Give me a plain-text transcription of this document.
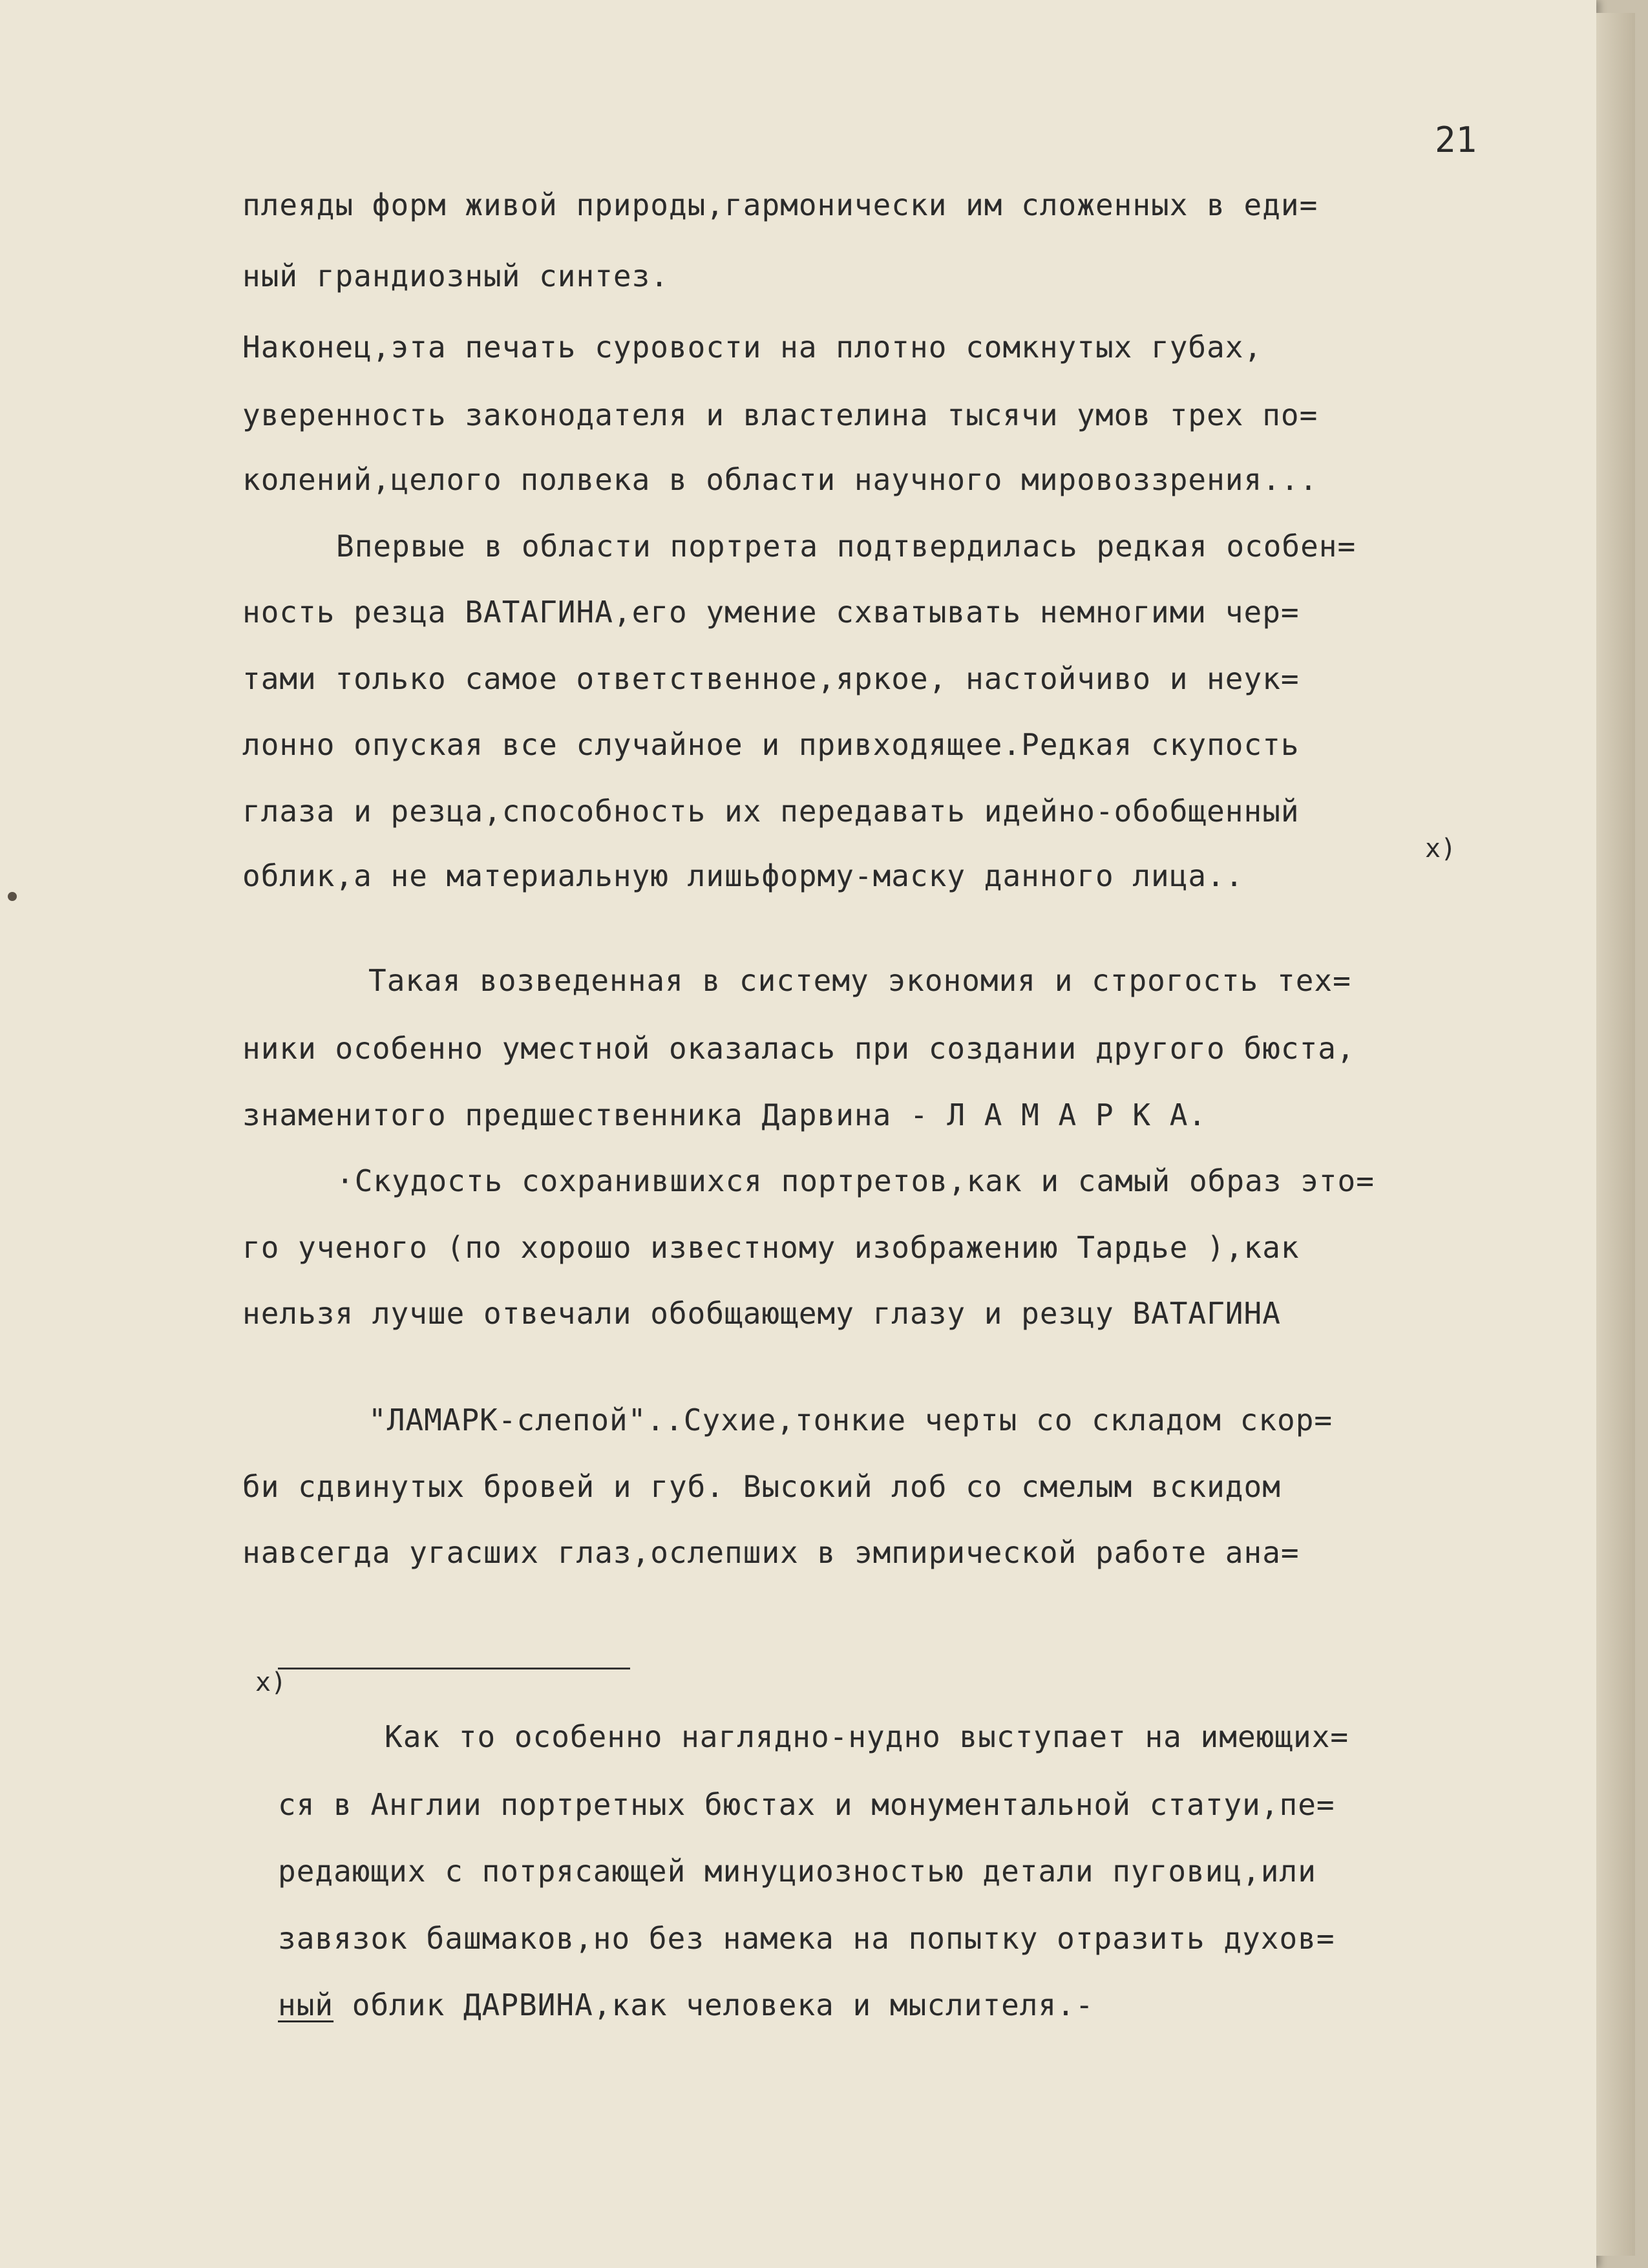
21
плеяды форм живой природы,гармонически им сложенных в еди=
ный грандиозный синтез.
Наконец,эта печать суровости на плотно сомкнутых губах,
уверенность законодателя и властелина тысячи умов трех по=
колений,целого полвека в области научного мировоззрения...
Впервые в области портрета подтвердилась редкая особен=
ность резца ВАТАГИНА,его умение схватывать немногими чер=
тами только самое ответственное,яркое, настойчиво и неук=
лонно опуская все случайное и привходящее.Редкая скупость
глаза и резца,способность их передавать идейно-обобщенный
x)
облик,а не материальную лишьформу-маску данного лица..
Такая возведенная в систему экономия и строгость тех=
ники особенно уместной оказалась при создании другого бюста,
знаменитого предшественника Дарвина - Л А М А Р К А.
·Скудость сохранившихся портретов,как и самый образ это=
го ученого (по хорошо известному изображению Тардье ),как
нельзя лучше отвечали обобщающему глазу и резцу ВАТАГИНА
"ЛАМАРК-слепой"..Сухие,тонкие черты со складом скор=
би сдвинутых бровей и губ. Высокий лоб со смелым вскидом
навсегда угасших глаз,ослепших в эмпирической работе ана=
x)
Как то особенно наглядно-нудно выступает на имеющих=
ся в Англии портретных бюстах и монументальной статуи,пе=
редающих с потрясающей минуциозностью детали пуговиц,или
завязок башмаков,но без намека на попытку отразить духов=
ный облик ДАРВИНА,как человека и мыслителя.-
